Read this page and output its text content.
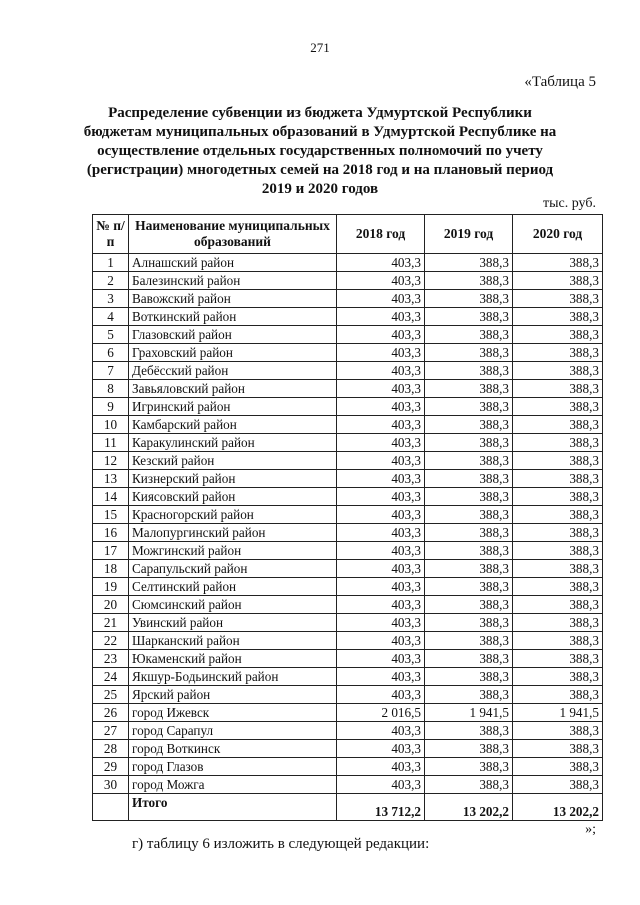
271
«Таблица 5
Распределение субвенции из бюджета Удмуртской Республики
бюджетам муниципальных образований в Удмуртской Республике на
осуществление отдельных государственных полномочий по учету
(регистрации) многодетных семей на 2018 год и на плановый период
2019 и 2020 годов
тыс. руб.
№ п/п	Наименование муниципальных образований	2018 год	2019 год	2020 год
1	Алнашский район	403,3	388,3	388,3
2	Балезинский район	403,3	388,3	388,3
3	Вавожский район	403,3	388,3	388,3
4	Воткинский район	403,3	388,3	388,3
5	Глазовский район	403,3	388,3	388,3
6	Граховский район	403,3	388,3	388,3
7	Дебёсский район	403,3	388,3	388,3
8	Завьяловский район	403,3	388,3	388,3
9	Игринский район	403,3	388,3	388,3
10	Камбарский район	403,3	388,3	388,3
11	Каракулинский район	403,3	388,3	388,3
12	Кезский район	403,3	388,3	388,3
13	Кизнерский район	403,3	388,3	388,3
14	Киясовский район	403,3	388,3	388,3
15	Красногорский район	403,3	388,3	388,3
16	Малопургинский район	403,3	388,3	388,3
17	Можгинский район	403,3	388,3	388,3
18	Сарапульский район	403,3	388,3	388,3
19	Селтинский район	403,3	388,3	388,3
20	Сюмсинский район	403,3	388,3	388,3
21	Увинский район	403,3	388,3	388,3
22	Шарканский район	403,3	388,3	388,3
23	Юкаменский район	403,3	388,3	388,3
24	Якшур-Бодьинский район	403,3	388,3	388,3
25	Ярский район	403,3	388,3	388,3
26	город Ижевск	2 016,5	1 941,5	1 941,5
27	город Сарапул	403,3	388,3	388,3
28	город Воткинск	403,3	388,3	388,3
29	город Глазов	403,3	388,3	388,3
30	город Можга	403,3	388,3	388,3
	Итого	13 712,2	13 202,2	13 202,2
»;
г) таблицу 6 изложить в следующей редакции:
